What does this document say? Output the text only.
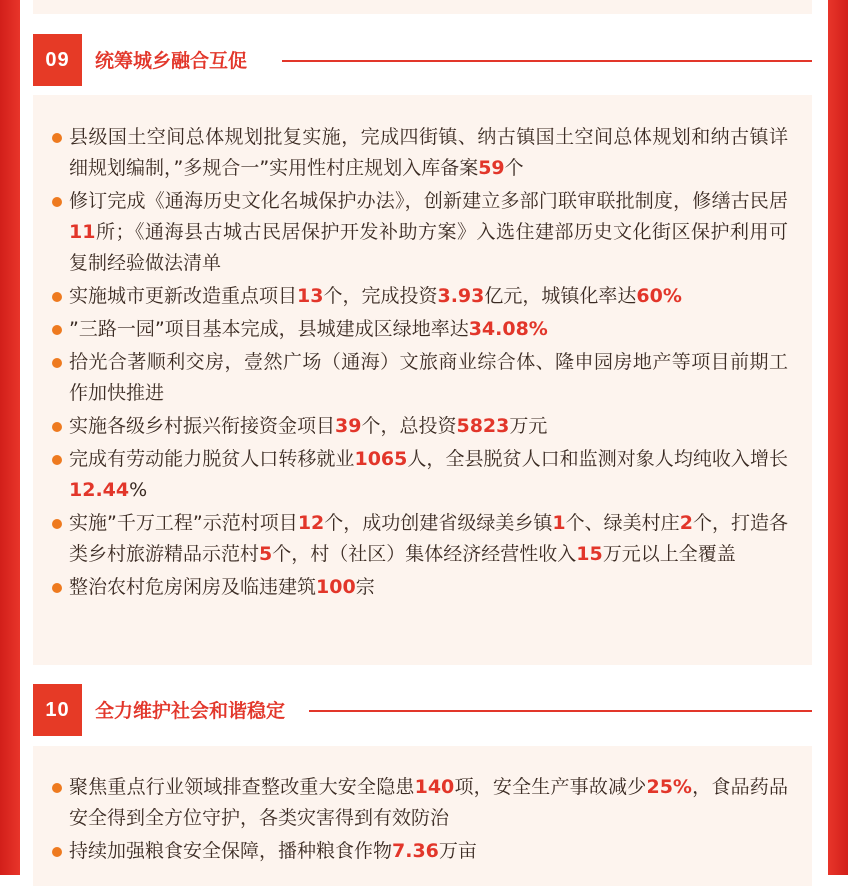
09	统筹城乡融合互促
县级国土空间总体规划批复实施，完成四街镇、纳古镇国土空间总体规划和纳古镇详细规划编制，”多规合一”实用性村庄规划入库备案59个
修订完成《通海历史文化名城保护办法》，创新建立多部门联审联批制度，修缮古民居11所；《通海县古城古民居保护开发补助方案》入选住建部历史文化街区保护利用可复制经验做法清单
实施城市更新改造重点项目13个，完成投资3.93亿元，城镇化率达60%
”三路一园”项目基本完成，县城建成区绿地率达34.08%
拾光合著顺利交房，壹然广场（通海）文旅商业综合体、隆申园房地产等项目前期工作加快推进
实施各级乡村振兴衔接资金项目39个，总投资5823万元
完成有劳动能力脱贫人口转移就业1065人，全县脱贫人口和监测对象人均纯收入增长12.44%
实施”千万工程”示范村项目12个，成功创建省级绿美乡镇1个、绿美村庄2个，打造各类乡村旅游精品示范村5个，村（社区）集体经济经营性收入15万元以上全覆盖
整治农村危房闲房及临违建筑100宗
10	全力维护社会和谐稳定
聚焦重点行业领域排查整改重大安全隐患140项，安全生产事故减少25%，食品药品安全得到全方位守护，各类灾害得到有效防治
持续加强粮食安全保障，播种粮食作物7.36万亩
